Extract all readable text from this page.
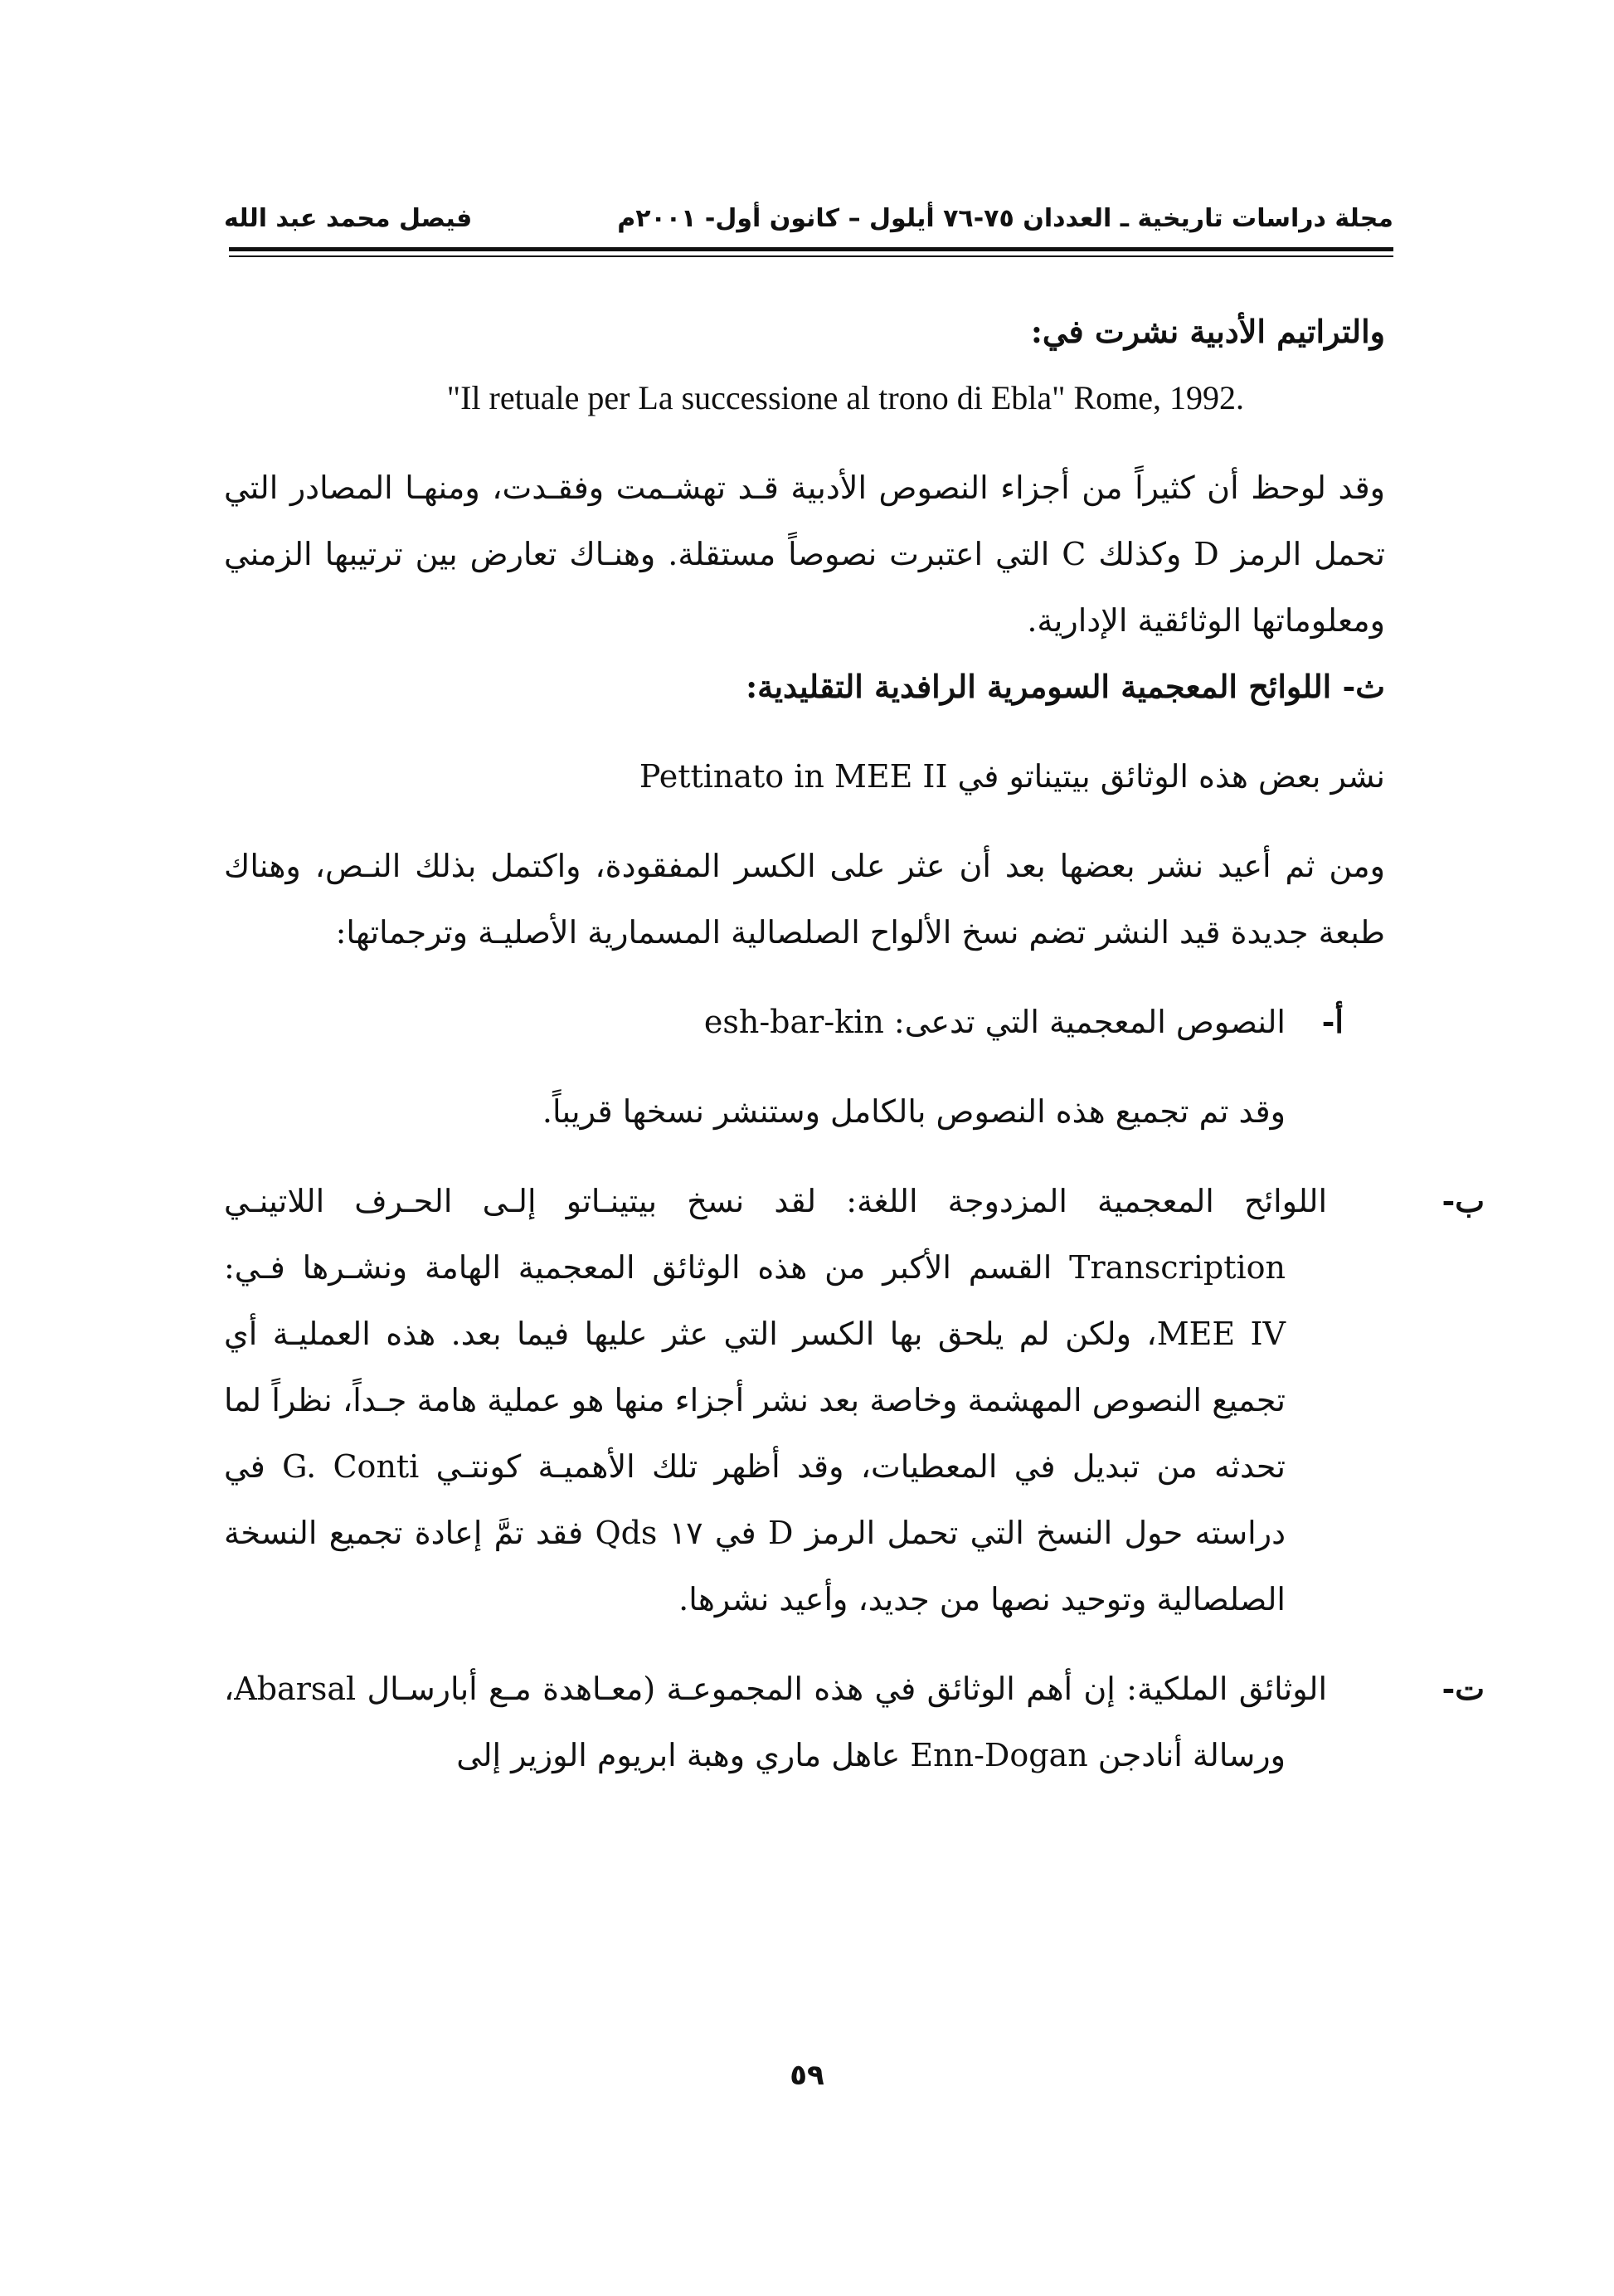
مجلة دراسات تاريخية ـ العددان ٧٥-٧٦ أيلول – كانون أول- ٢٠٠١م
فيصل محمد عبد الله

والتراتيم الأدبية نشرت في:

"Il retuale per La successione al trono di Ebla" Rome, 1992.

وقد لوحظ أن كثيراً من أجزاء النصوص الأدبية قـد تهشـمت وفقـدت، ومنهـا المصادر التي تحمل الرمز D وكذلك C التي اعتبرت نصوصاً مستقلة. وهنـاك تعارض بين ترتيبها الزمني ومعلوماتها الوثائقية الإدارية.

ث- اللوائح المعجمية السومرية الرافدية التقليدية:

نشر بعض هذه الوثائق بيتيناتو في Pettinato in MEE II

ومن ثم أعيد نشر بعضها بعد أن عثر على الكسر المفقودة، واكتمل بذلك النـص، وهناك طبعة جديدة قيد النشر تضم نسخ الألواح الصلصالية المسمارية الأصليـة وترجماتها:

أ-النصوص المعجمية التي تدعى: esh-bar-kin

وقد تم تجميع هذه النصوص بالكامل وستنشر نسخها قريباً.

ب-اللوائح المعجمية المزدوجة اللغة: لقد نسخ بيتينـاتو إلـى الحـرف اللاتينـي Transcription القسم الأكبر من هذه الوثائق المعجمية الهامة ونشـرها فـي: MEE IV، ولكن لم يلحق بها الكسر التي عثر عليها فيما بعد. هذه العمليـة أي تجميع النصوص المهشمة وخاصة بعد نشر أجزاء منها هو عملية هامة جـداً، نظراً لما تحدثه من تبديل في المعطيات، وقد أظهر تلك الأهميـة كونتـي G. Conti في دراسته حول النسخ التي تحمل الرمز D في ١٧ Qds فقد تمَّ إعادة تجميع النسخة الصلصالية وتوحيد نصها من جديد، وأعيد نشرها.

ت-الوثائق الملكية: إن أهم الوثائق في هذه المجموعـة (معـاهدة مـع أبارسـال Abarsal، ورسالة أنادجن Enn-Dogan عاهل ماري وهبة ابريوم الوزير إلى

٥٩
